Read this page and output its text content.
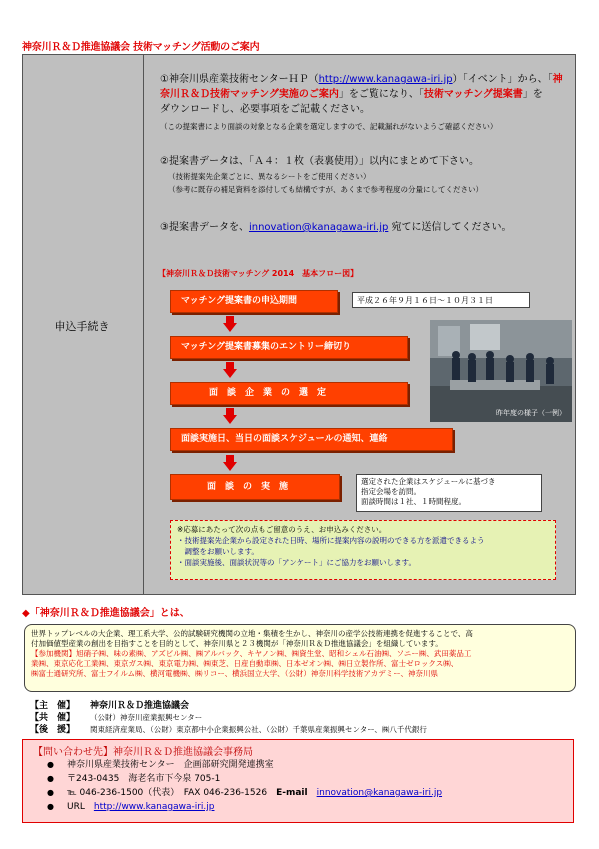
神奈川Ｒ＆Ｄ推進協議会 技術マッチング活動のご案内
申込手続き
①神奈川県産業技術センターＨＰ（http://www.kanagawa-iri.jp）「イベント」から、「神
奈川Ｒ＆Ｄ技術マッチング実施のご案内」をご覧になり、「技術マッチング提案書」を
ダウンロードし、必要事項をご記載ください。
（この提案書により面談の対象となる企業を選定しますので、記載漏れがないようご確認ください）
②提案書データは、「Ａ４：１枚（表裏使用）」以内にまとめて下さい。
（技術提案先企業ごとに、異なるシートをご使用ください）
（参考に既存の補足資料を添付しても結構ですが、あくまで参考程度の分量にしてください）
③提案書データを、innovation@kanagawa-iri.jp 宛てに送信してください。
【神奈川Ｒ＆Ｄ技術マッチング 2014　基本フロー図】
マッチング提案書の申込期間
マッチング提案書募集のエントリー締切り
面　談　企　業　の　選　定
面談実施日、当日の面談スケジュールの通知、連絡
面　談　の　実　施
平成２６年９月１６日～１０月３１日
昨年度の様子（一例）
選定された企業はスケジュールに基づき
指定会場を訪問。
面談時間は１社、１時間程度。
※応募にあたって次の点もご留意のうえ、お申込みください。
・技術提案先企業から設定された日時、場所に提案内容の説明のできる方を派遣できるよう
　調整をお願いします。
・面談実施後、面談状況等の「アンケート」にご協力をお願いします。
◆「神奈川Ｒ＆Ｄ推進協議会」とは、
世界トップレベルの大企業、理工系大学、公的試験研究機関の立地・集積を生かし、神奈川の産学公技術連携を促進することで、高
付加価値型産業の創出を目指すことを目的として、神奈川県と２３機関が「神奈川Ｒ＆Ｄ推進協議会」を組織しています。
【参加機関】旭硝子㈱、味の素㈱、アズビル㈱、㈱アルバック、キヤノン㈱、㈱資生堂、昭和シェル石油㈱、ソニー㈱、武田薬品工
業㈱、東京応化工業㈱、東京ガス㈱、東京電力㈱、㈱東芝、日産自動車㈱、日本ゼオン㈱、㈱日立製作所、富士ゼロックス㈱、
㈱富士通研究所、富士フイルム㈱、横河電機㈱、㈱リコー、横浜国立大学、（公財）神奈川科学技術アカデミー、神奈川県
【主　催】 神奈川Ｒ＆Ｄ推進協議会
【共　催】 （公財）神奈川産業振興センター
【後　援】 関東経済産業局、（公財）東京都中小企業振興公社、（公財）千葉県産業振興センター、㈱八千代銀行
【問い合わせ先】神奈川Ｒ＆Ｄ推進協議会事務局
● 神奈川県産業技術センター　企画部研究開発連携室
● 〒243-0435　海老名市下今泉 705-1
● ℡ 046-236-1500（代表）　FAX 046-236-1526　 E-mail　 innovation@kanagawa-iri.jp
● URL　 http://www.kanagawa-iri.jp
